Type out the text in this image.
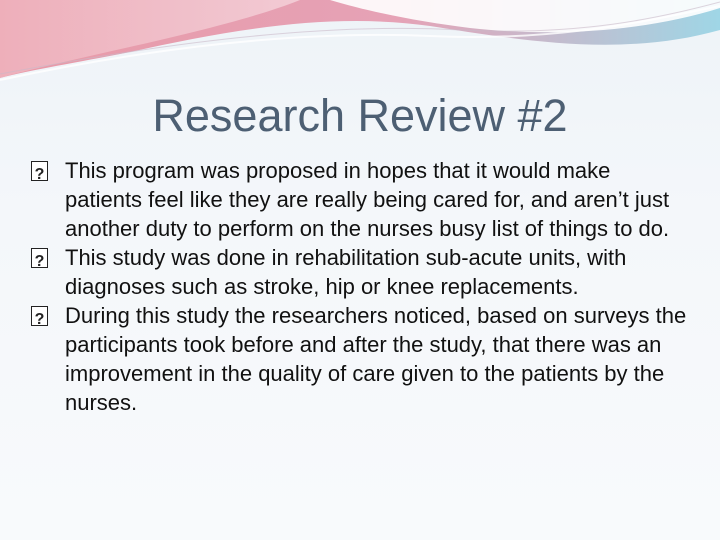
Research Review #2
?
This program was proposed in hopes that it would make patients feel like they are really being cared for, and aren’t just another duty to perform on the nurses busy list of things to do.
?
This study was done in rehabilitation sub-acute units, with diagnoses such as stroke, hip or knee replacements.
?
During this study the researchers noticed, based on surveys the participants took before and after the study, that there was an improvement in the quality of care given to the patients by the nurses.
